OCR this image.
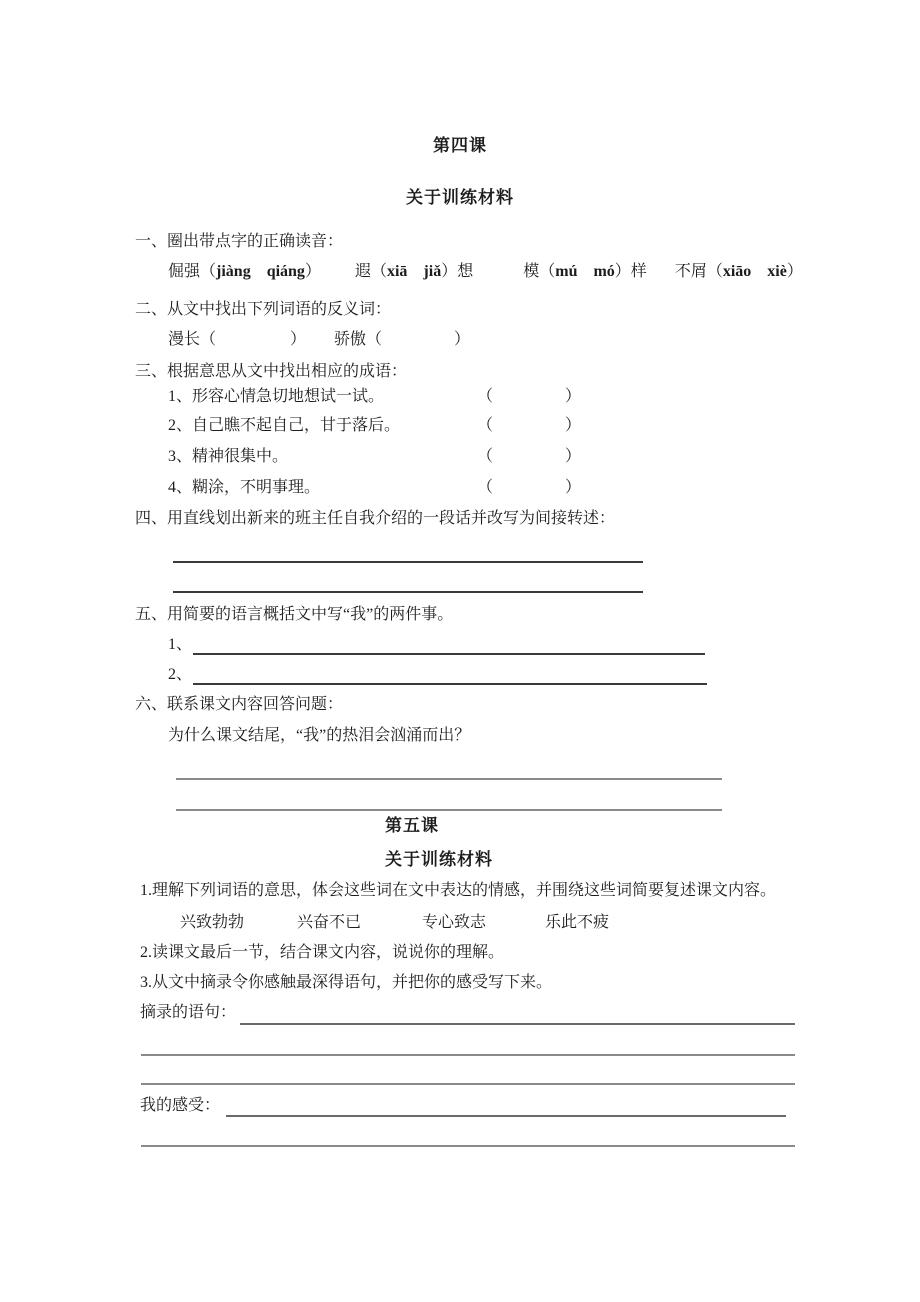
第四课
关于训练材料
一、圈出带点字的正确读音：
倔强（jiàng　qiáng） 遐（xiā　jiǎ）想	模（mú　mó）样 不屑（xiāo　xiè）
二、从文中找出下列词语的反义词：
漫长（	） 骄傲（	）
三、根据意思从文中找出相应的成语：
1、形容心情急切地想试一试。	（	）
2、自己瞧不起自己，甘于落后。	（	）
3、精神很集中。	（	）
4、糊涂，不明事理。	（	）
四、用直线划出新来的班主任自我介绍的一段话并改写为间接转述：
五、用简要的语言概括文中写“我”的两件事。
1、
2、
六、联系课文内容回答问题：
为什么课文结尾，“我”的热泪会汹涌而出？
第五课
关于训练材料
1.理解下列词语的意思，体会这些词在文中表达的情感，并围绕这些词简要复述课文内容。
兴致勃勃	兴奋不已	专心致志	乐此不疲
2.读课文最后一节，结合课文内容，说说你的理解。
3.从文中摘录令你感触最深得语句，并把你的感受写下来。
摘录的语句：
我的感受：
